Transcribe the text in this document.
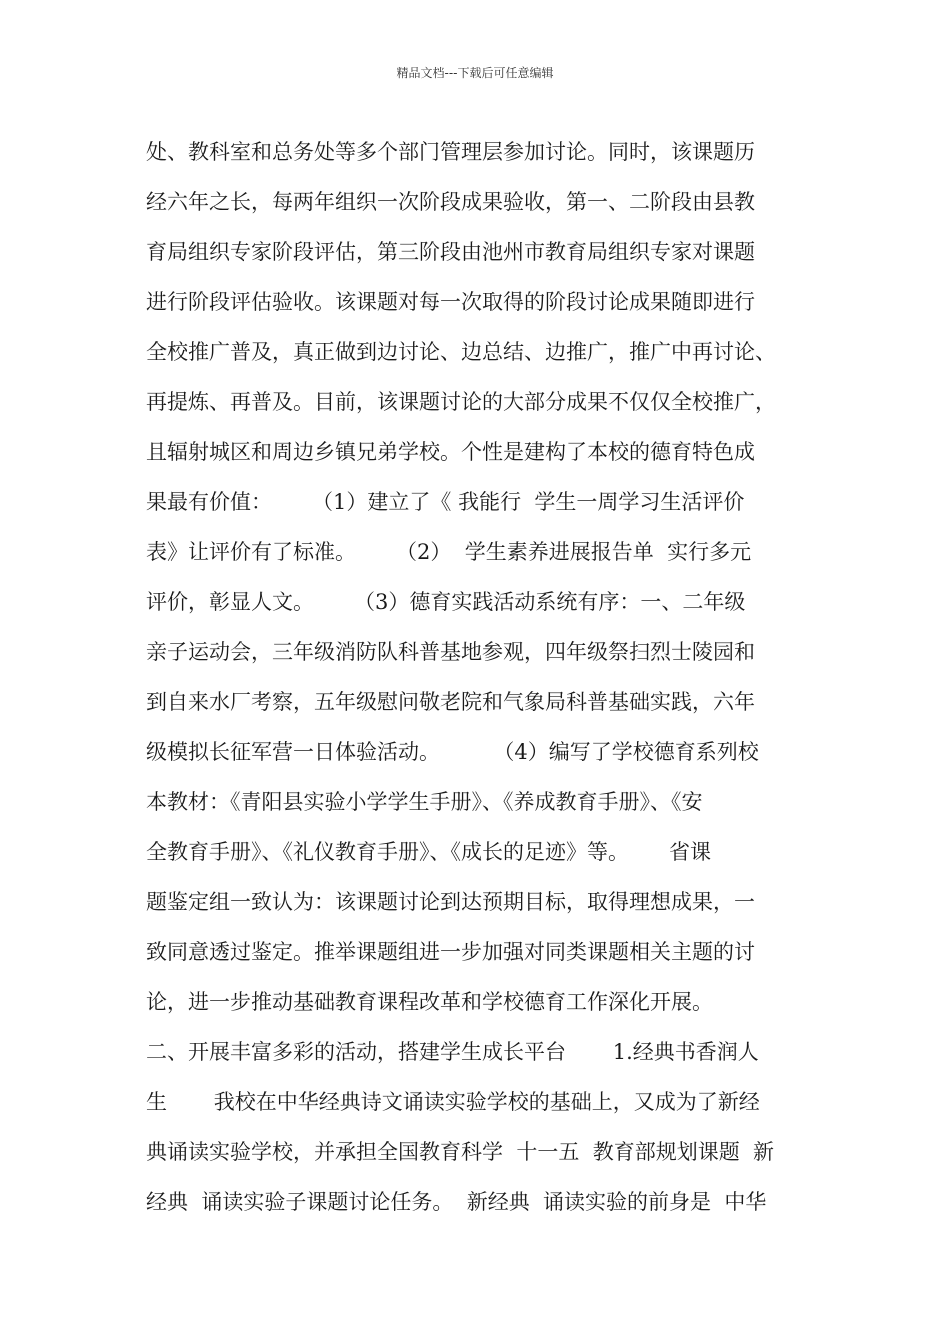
精品文档---下载后可任意编辑
处、教科室和总务处等多个部门管理层参加讨论。同时，该课题历
经六年之长，每两年组织一次阶段成果验收，第一、二阶段由县教
育局组织专家阶段评估，第三阶段由池州市教育局组织专家对课题
进行阶段评估验收。该课题对每一次取得的阶段讨论成果随即进行
全校推广普及，真正做到边讨论、边总结、边推广，推广中再讨论、
再提炼、再普及。目前，该课题讨论的大部分成果不仅仅全校推广，
且辐射城区和周边乡镇兄弟学校。个性是建构了本校的德育特色成
果最有价值：      （1）建立了《 我能行  学生一周学习生活评价
表》让评价有了标准。      （2）  学生素养进展报告单  实行多元
评价，彰显人文。      （3）德育实践活动系统有序：一、二年级
亲子运动会，三年级消防队科普基地参观，四年级祭扫烈士陵园和
到自来水厂考察，五年级慰问敬老院和气象局科普基础实践，六年
级模拟长征军营一日体验活动。        （4）编写了学校德育系列校
本教材：《青阳县实验小学学生手册》、《养成教育手册》、《安
全教育手册》、《礼仪教育手册》、《成长的足迹》等。      省课
题鉴定组一致认为：该课题讨论到达预期目标，取得理想成果，一
致同意透过鉴定。推举课题组进一步加强对同类课题相关主题的讨
论，进一步推动基础教育课程改革和学校德育工作深化开展。
二、开展丰富多彩的活动，搭建学生成长平台       1.经典书香润人
生       我校在中华经典诗文诵读实验学校的基础上，又成为了新经
典诵读实验学校，并承担全国教育科学  十一五  教育部规划课题  新
经典  诵读实验子课题讨论任务。  新经典  诵读实验的前身是  中华
